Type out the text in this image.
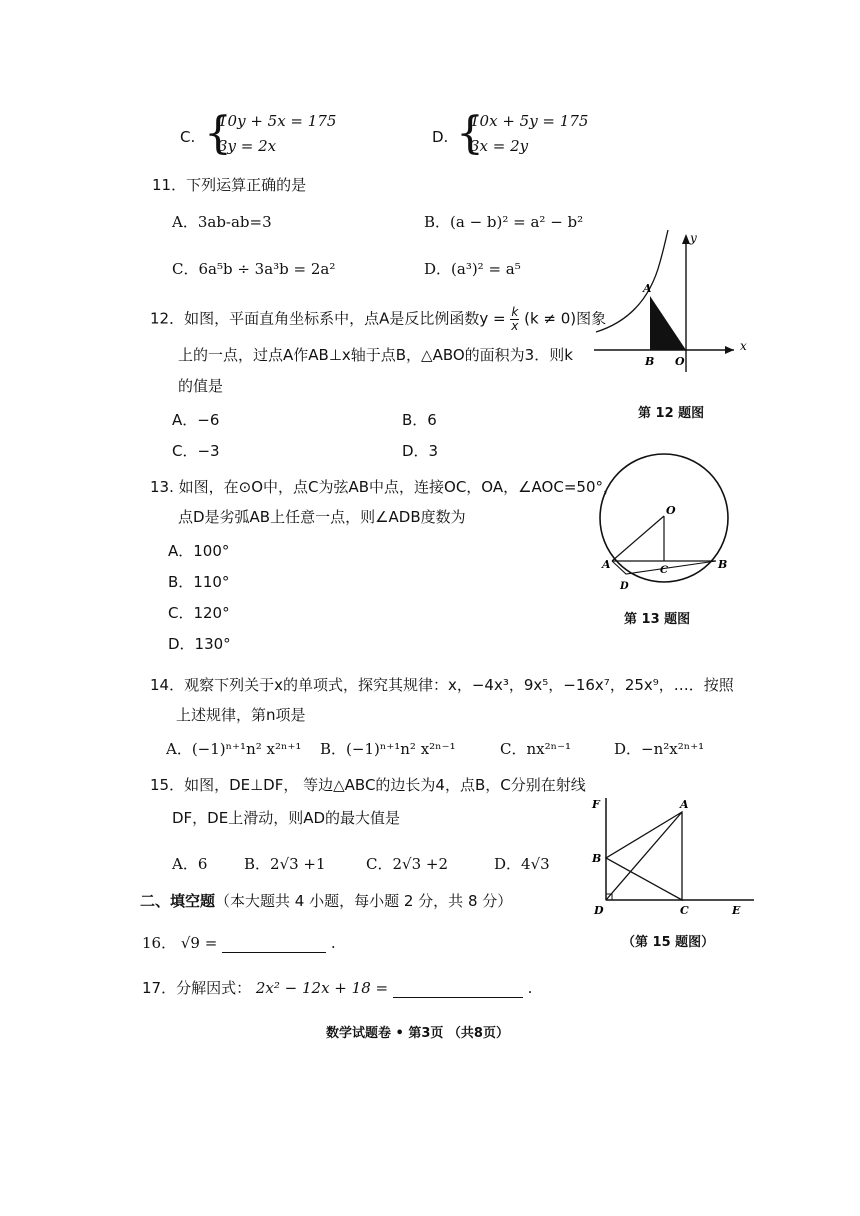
C. {
10y + 5x = 175
3y = 2x	D. {
10x + 5y = 175
3x = 2y
11．下列运算正确的是
A．3ab-ab=3	B．(a − b)² = a² − b²
C．6a⁵b ÷ 3a³b = 2a²	D．(a³)² = a⁵
12．如图，平面直角坐标系中，点A是反比例函数$y = \frac{k}{x} (k \ne 0)$图象
上的一点，过点A作AB⊥x轴于点B，△ABO的面积为3．则k
的值是
A．−6	B．6
C．−3	D．3
x
y
A
B O
第 12 题图
13. 如图，在⊙O中，点C为弦AB中点，连接OC，OA，∠AOC=50°，
点D是劣弧AB上任意一点，则∠ADB度数为
A．100°
B．110°
C．120°
D．130°
O
A	B
C
D
第 13 题图
14．观察下列关于x的单项式，探究其规律：x，−4x³，9x⁵，−16x⁷，25x⁹，…．按照
上述规律，第n项是
A．(−1)ⁿ⁺¹n² x²ⁿ⁺¹ B．(−1)ⁿ⁺¹n² x²ⁿ⁻¹	C．nx²ⁿ⁻¹	D．−n²x²ⁿ⁺¹
15．如图，DE⊥DF， 等边△ABC的边长为4，点B，C分别在射线
DF，DE上滑动，则AD的最大值是
A．6 B．2√3 +1	C．2√3 +2	D．4√3
F	A
B
D	C	E
（第 15 题图）
二、填空题（本大题共 4 小题，每小题 2 分，共 8 分）
16． √9 =	.
17．分解因式： 2x² − 12x + 18 =	.
数学试题卷 • 第3页 （共8页）
